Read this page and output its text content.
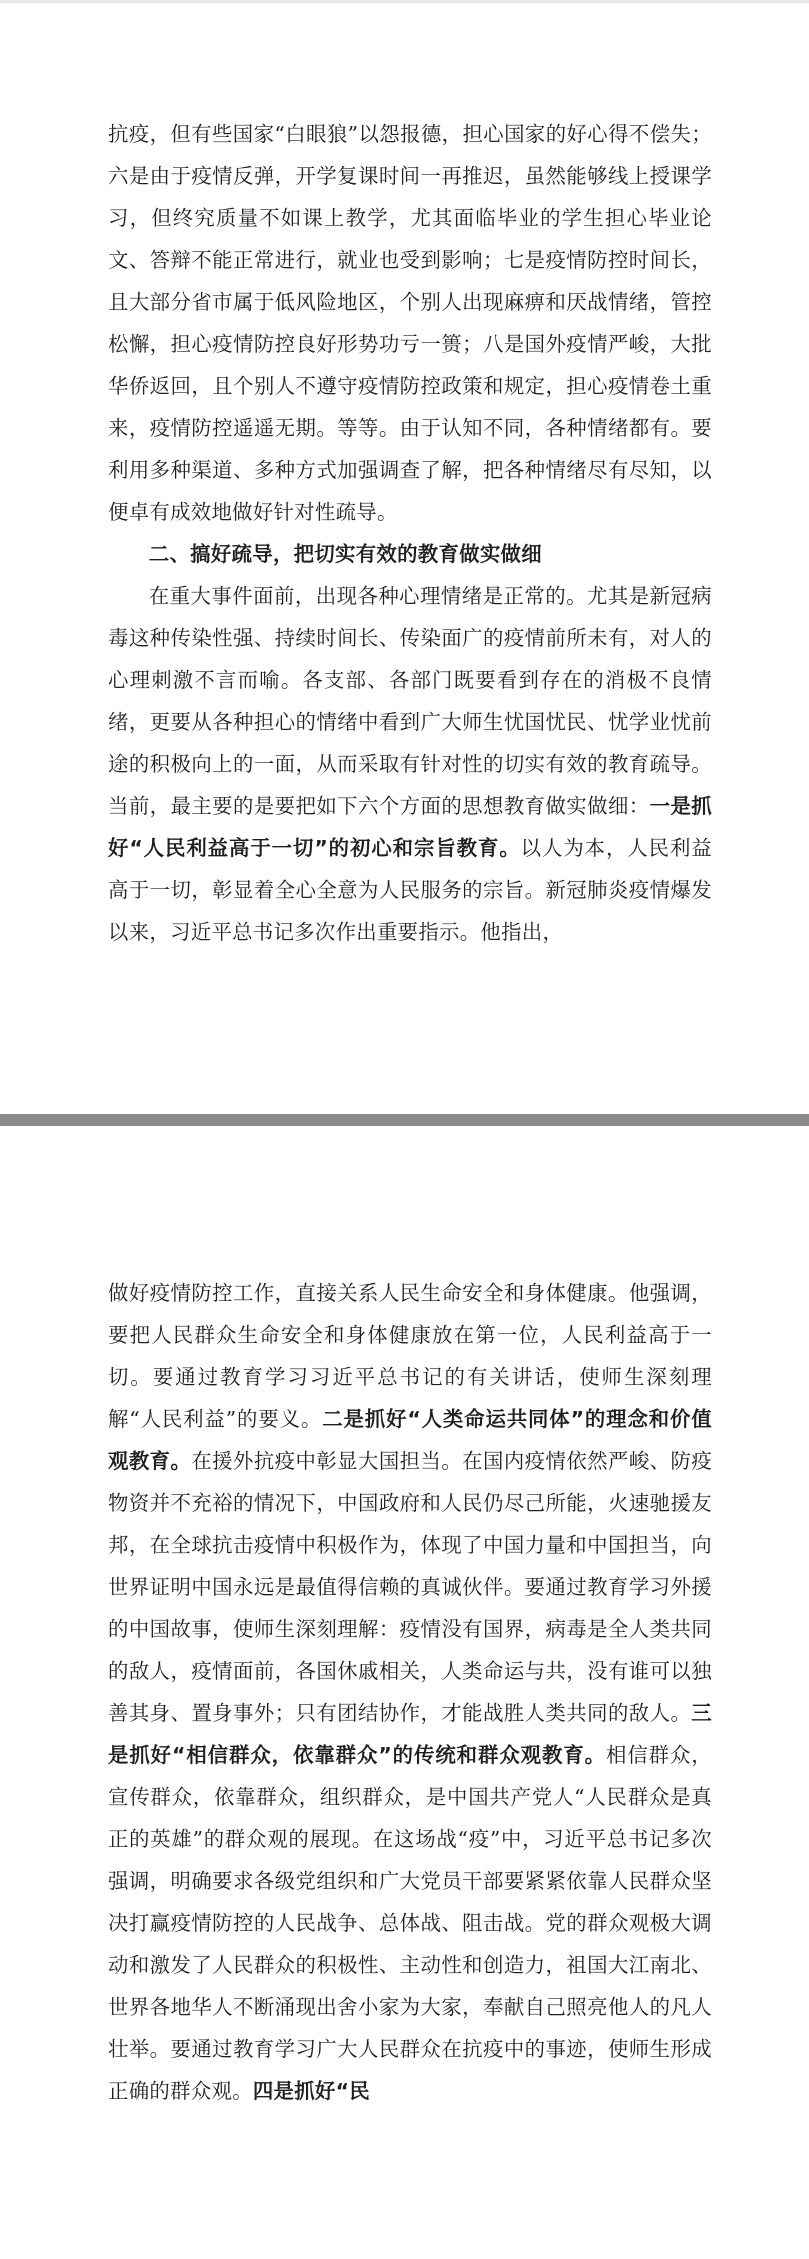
抗疫，但有些国家“白眼狼”以怨报德，担心国家的好心得不偿失；六是由于疫情反弹，开学复课时间一再推迟，虽然能够线上授课学习，但终究质量不如课上教学，尤其面临毕业的学生担心毕业论文、答辩不能正常进行，就业也受到影响；七是疫情防控时间长，且大部分省市属于低风险地区，个别人出现麻痹和厌战情绪，管控松懈，担心疫情防控良好形势功亏一篑；八是国外疫情严峻，大批华侨返回，且个别人不遵守疫情防控政策和规定，担心疫情卷土重来，疫情防控遥遥无期。等等。由于认知不同，各种情绪都有。要利用多种渠道、多种方式加强调查了解，把各种情绪尽有尽知，以便卓有成效地做好针对性疏导。

二、搞好疏导，把切实有效的教育做实做细

在重大事件面前，出现各种心理情绪是正常的。尤其是新冠病毒这种传染性强、持续时间长、传染面广的疫情前所未有，对人的心理刺激不言而喻。各支部、各部门既要看到存在的消极不良情绪，更要从各种担心的情绪中看到广大师生忧国忧民、忧学业忧前途的积极向上的一面，从而采取有针对性的切实有效的教育疏导。当前，最主要的是要把如下六个方面的思想教育做实做细：一是抓好“人民利益高于一切”的初心和宗旨教育。以人为本，人民利益高于一切，彰显着全心全意为人民服务的宗旨。新冠肺炎疫情爆发以来，习近平总书记多次作出重要指示。他指出，

做好疫情防控工作，直接关系人民生命安全和身体健康。他强调，要把人民群众生命安全和身体健康放在第一位，人民利益高于一切。要通过教育学习习近平总书记的有关讲话，使师生深刻理解“人民利益”的要义。二是抓好“人类命运共同体”的理念和价值观教育。在援外抗疫中彰显大国担当。在国内疫情依然严峻、防疫物资并不充裕的情况下，中国政府和人民仍尽己所能，火速驰援友邦，在全球抗击疫情中积极作为，体现了中国力量和中国担当，向世界证明中国永远是最值得信赖的真诚伙伴。要通过教育学习外援的中国故事，使师生深刻理解：疫情没有国界，病毒是全人类共同的敌人，疫情面前，各国休戚相关，人类命运与共，没有谁可以独善其身、置身事外；只有团结协作，才能战胜人类共同的敌人。三是抓好“相信群众，依靠群众”的传统和群众观教育。相信群众，宣传群众，依靠群众，组织群众，是中国共产党人“人民群众是真正的英雄”的群众观的展现。在这场战“疫”中，习近平总书记多次强调，明确要求各级党组织和广大党员干部要紧紧依靠人民群众坚决打赢疫情防控的人民战争、总体战、阻击战。党的群众观极大调动和激发了人民群众的积极性、主动性和创造力，祖国大江南北、世界各地华人不断涌现出舍小家为大家，奉献自己照亮他人的凡人壮举。要通过教育学习广大人民群众在抗疫中的事迹，使师生形成正确的群众观。四是抓好“民
